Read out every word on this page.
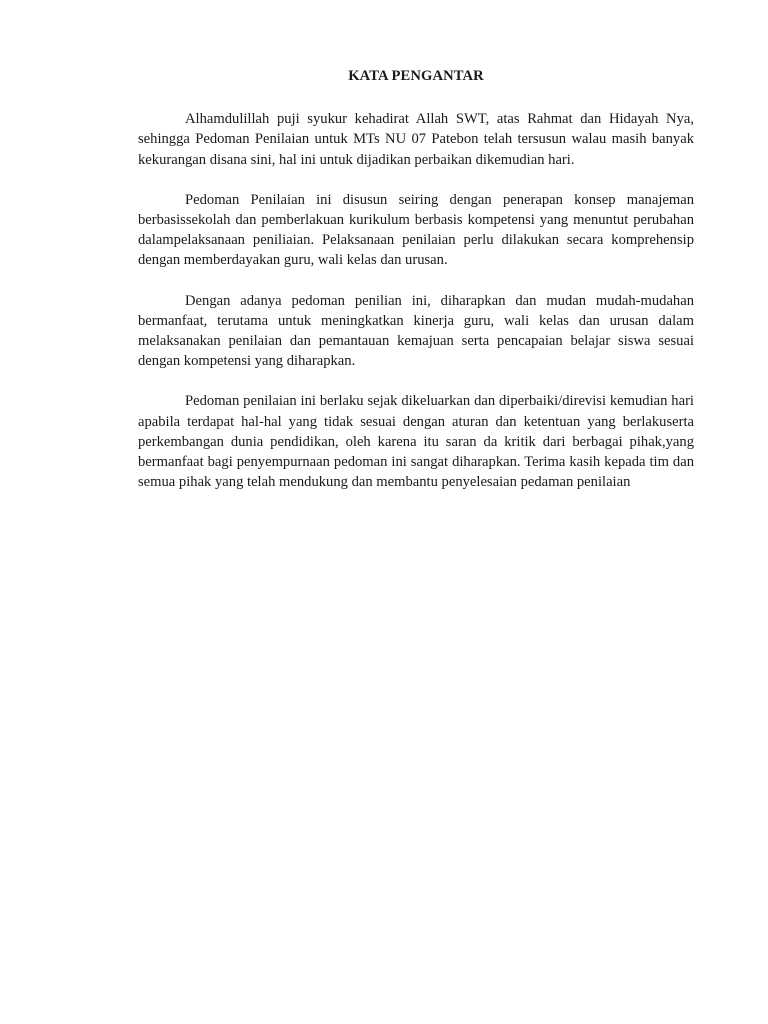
KATA PENGANTAR

Alhamdulillah puji syukur kehadirat Allah SWT, atas Rahmat dan Hidayah Nya, sehingga Pedoman Penilaian untuk MTs NU 07 Patebon telah tersusun walau masih banyak kekurangan disana sini, hal ini untuk dijadikan perbaikan dikemudian hari.

Pedoman Penilaian ini disusun seiring dengan penerapan konsep manajeman berbasissekolah dan pemberlakuan kurikulum berbasis kompetensi yang menuntut perubahan dalampelaksanaan peniliaian. Pelaksanaan penilaian perlu dilakukan secara komprehensip dengan memberdayakan guru, wali kelas dan urusan.

Dengan adanya pedoman penilian ini, diharapkan dan mudan mudah-mudahan bermanfaat, terutama untuk meningkatkan kinerja guru, wali kelas dan urusan dalam melaksanakan penilaian dan pemantauan kemajuan serta pencapaian belajar siswa sesuai dengan kompetensi yang diharapkan.

Pedoman penilaian ini berlaku sejak dikeluarkan dan diperbaiki/direvisi kemudian hari apabila terdapat hal-hal yang tidak sesuai dengan aturan dan ketentuan yang berlakuserta perkembangan dunia pendidikan, oleh karena itu saran da kritik dari berbagai pihak,yang bermanfaat bagi penyempurnaan pedoman ini sangat diharapkan. Terima kasih kepada tim dan semua pihak yang telah mendukung dan membantu penyelesaian pedaman penilaian
